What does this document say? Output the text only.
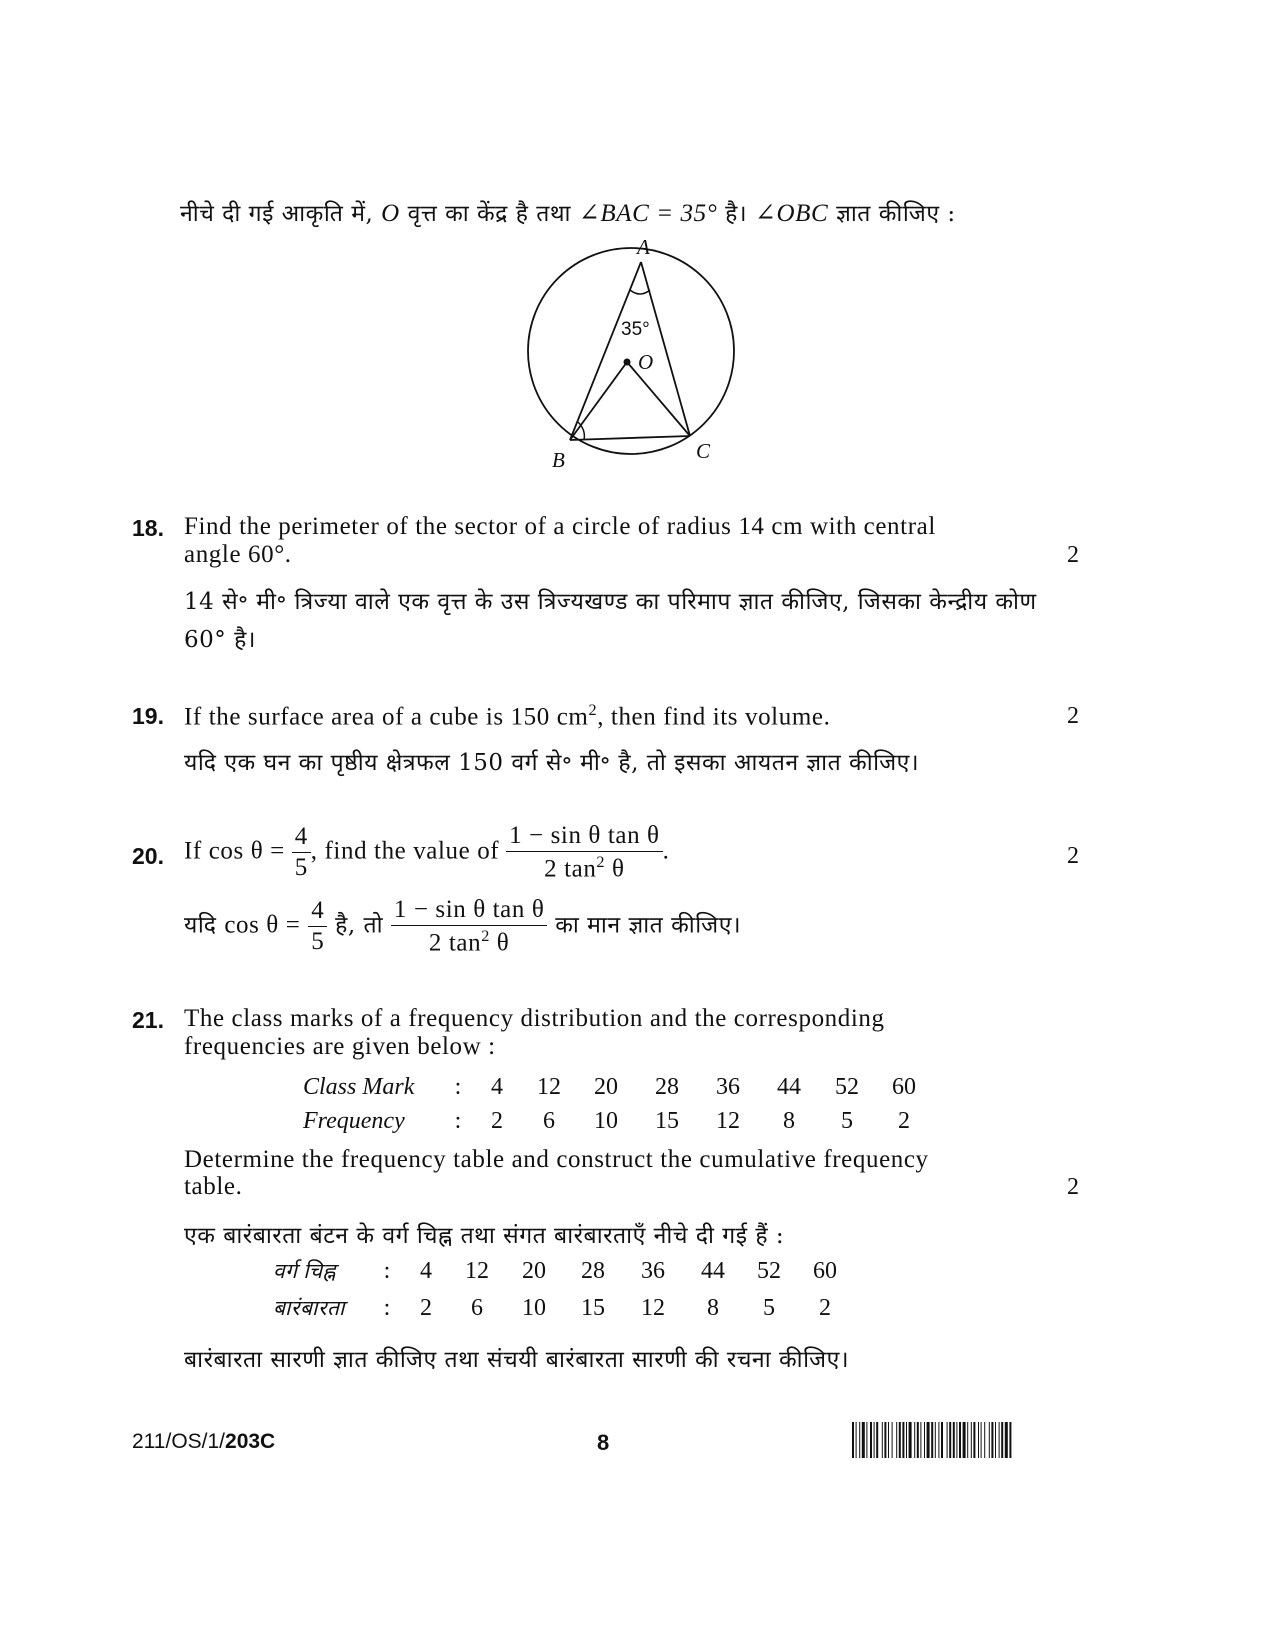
नीचे दी गई आकृति में, O वृत्त का केंद्र है तथा ∠BAC = 35° है। ∠OBC ज्ञात कीजिए :
A
B	C
O
35°
18. Find the perimeter of the sector of a circle of radius 14 cm with central
angle 60°.	2
14 से॰ मी॰ त्रिज्या वाले एक वृत्त के उस त्रिज्यखण्ड का परिमाप ज्ञात कीजिए, जिसका केन्द्रीय कोण
60° है।
19. If the surface area of a cube is 150 $cm^2$, then find its volume.	2
यदि एक घन का पृष्ठीय क्षेत्रफल 150 वर्ग से॰ मी॰ है, तो इसका आयतन ज्ञात कीजिए।
20. If $\cos \theta = \frac{4}{5}$ , find the value of $\frac{\text{1 − sin θ tan θ}}{2 \tan^2 \theta}$ .	2
यदि $\cos \theta = \frac{4}{5}$ है, तो $\frac{\text{1 − sin θ tan θ}}{2 \tan^2 \theta}$ का मान ज्ञात कीजिए।
21. The class marks of a frequency distribution and the corresponding
frequencies are given below :
Class Mark	:	4	12	20	28	36	44	52	60
Frequency	:	2	6	10	15	12	8	5	2
Determine the frequency table and construct the cumulative frequency
table.	2
एक बारंबारता बंटन के वर्ग चिह्न तथा संगत बारंबारताएँ नीचे दी गई हैं :
वर्ग चिह्न	:	4	12	20	28	36	44	52	60
बारंबारता	:	2	6	10	15	12	8	5	2
बारंबारता सारणी ज्ञात कीजिए तथा संचयी बारंबारता सारणी की रचना कीजिए।
211/OS/1/203C	8
